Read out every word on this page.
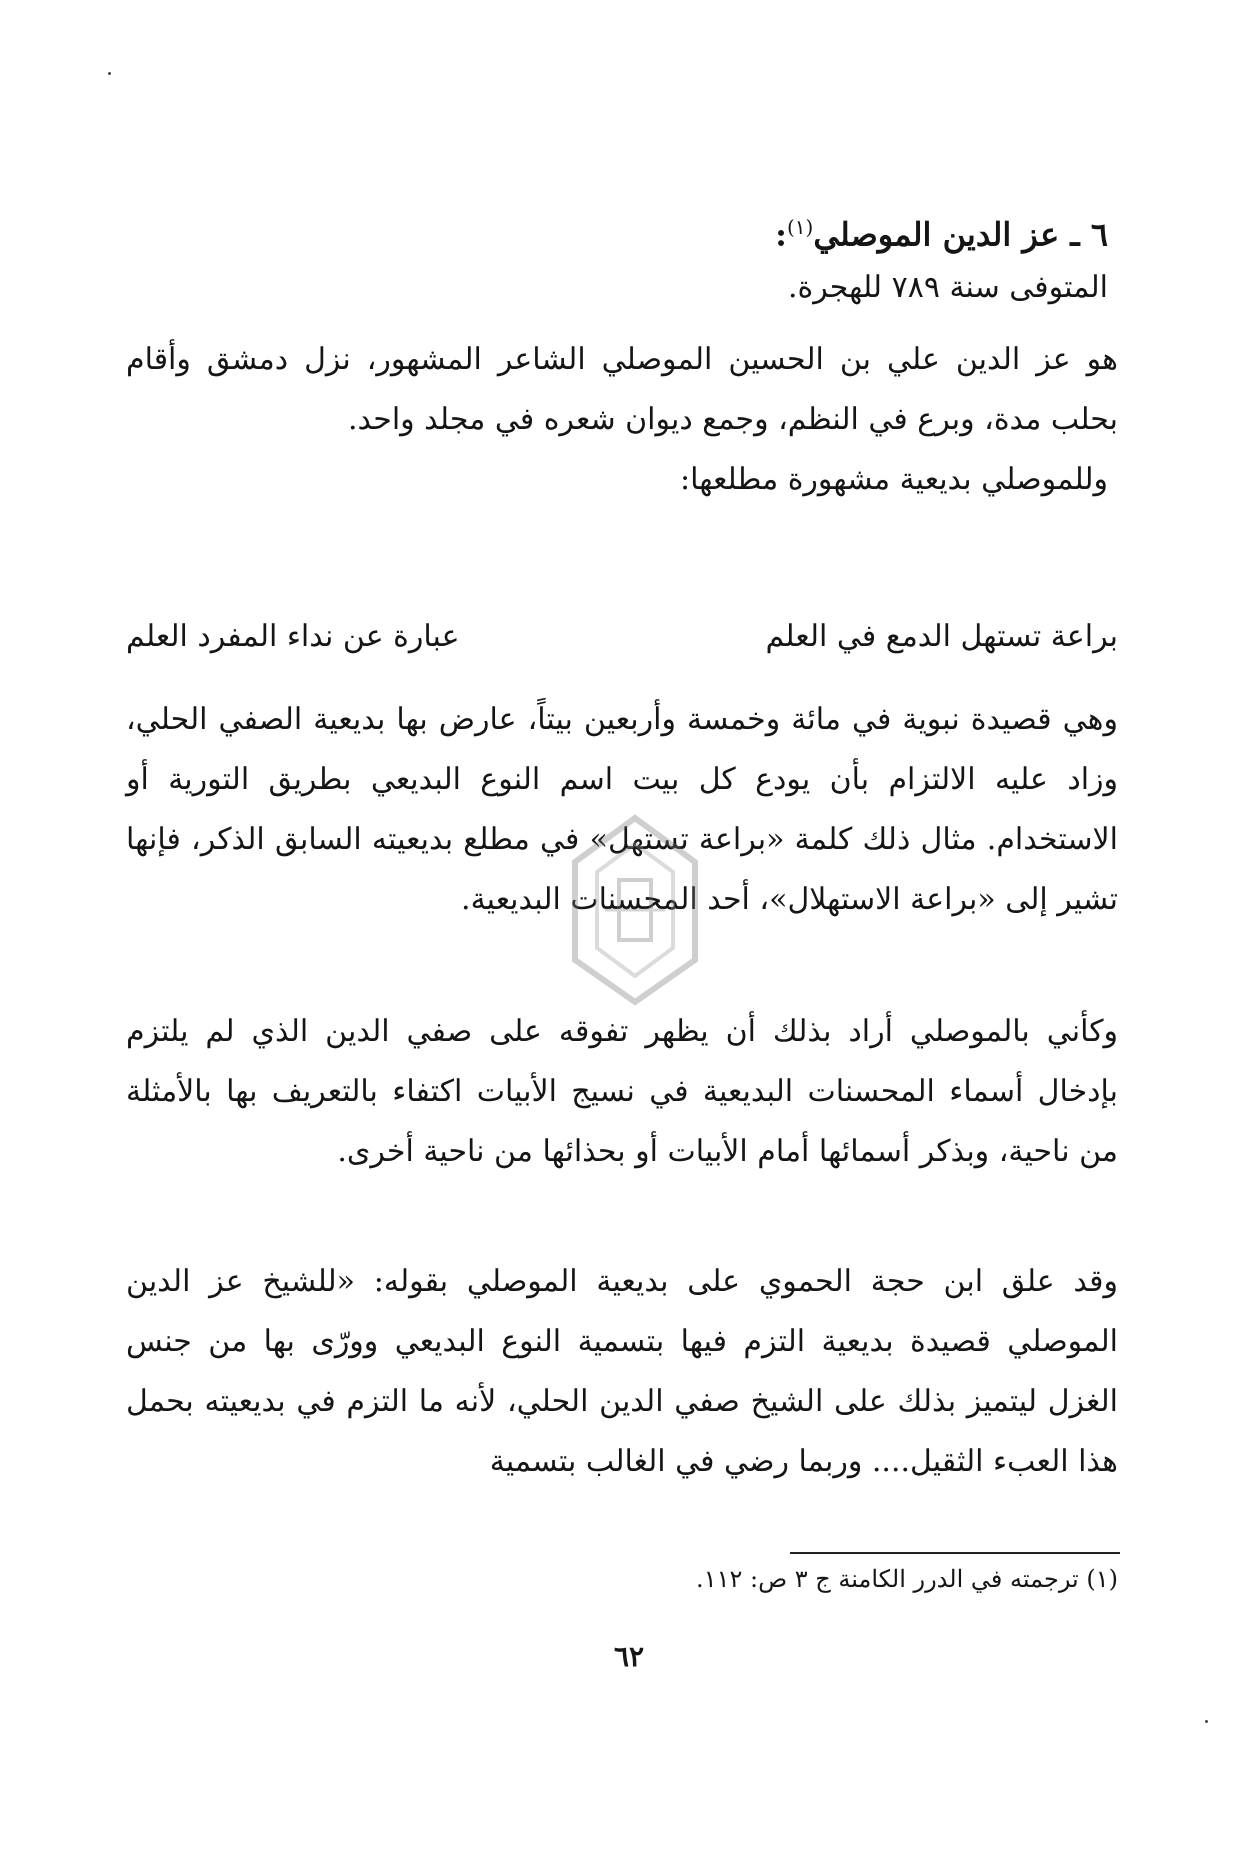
٦ ـ عز الدين الموصلي$^{(١)}$:
المتوفى سنة ٧٨٩ للهجرة.
هو عز الدين علي بن الحسين الموصلي الشاعر المشهور، نزل دمشق وأقام بحلب مدة، وبرع في النظم، وجمع ديوان شعره في مجلد واحد.
وللموصلي بديعية مشهورة مطلعها:
براعة تستهل الدمع في العلم
عبارة عن نداء المفرد العلم
وهي قصيدة نبوية في مائة وخمسة وأربعين بيتاً، عارض بها بديعية الصفي الحلي، وزاد عليه الالتزام بأن يودع كل بيت اسم النوع البديعي بطريق التورية أو الاستخدام. مثال ذلك كلمة «براعة تستهل» في مطلع بديعيته السابق الذكر، فإنها تشير إلى «براعة الاستهلال»، أحد المحسنات البديعية.
وكأني بالموصلي أراد بذلك أن يظهر تفوقه على صفي الدين الذي لم يلتزم بإدخال أسماء المحسنات البديعية في نسيج الأبيات اكتفاء بالتعريف بها بالأمثلة من ناحية، وبذكر أسمائها أمام الأبيات أو بحذائها من ناحية أخرى.
وقد علق ابن حجة الحموي على بديعية الموصلي بقوله: «للشيخ عز الدين الموصلي قصيدة بديعية التزم فيها بتسمية النوع البديعي وورّى بها من جنس الغزل ليتميز بذلك على الشيخ صفي الدين الحلي، لأنه ما التزم في بديعيته بحمل هذا العبء الثقيل.... وربما رضي في الغالب بتسمية
(١) ترجمته في الدرر الكامنة ج ٣ ص: ١١٢.
٦٢
